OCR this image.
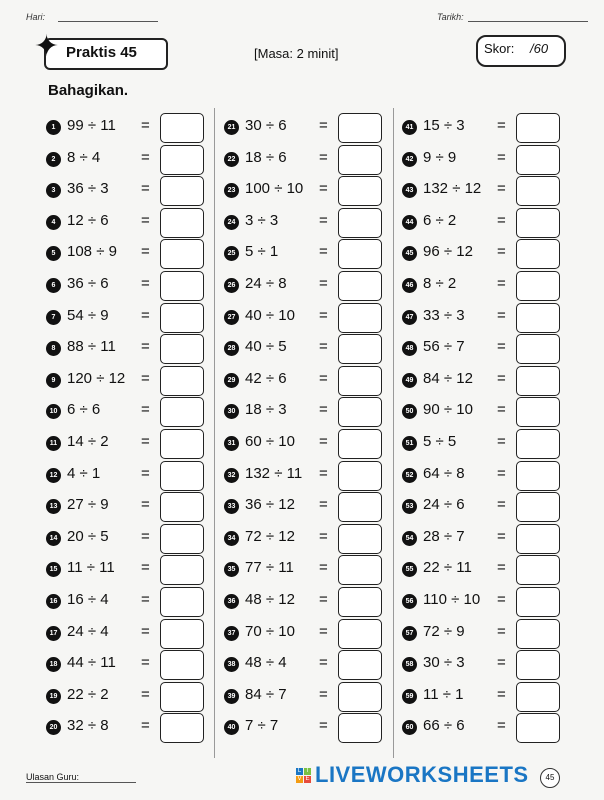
Hari:	Tarikh:
✦ Praktis 45	[Masa: 2 minit]	Skor: /60
Bahagikan.
1 99 ÷ 11 =
2 8 ÷ 4	=
3 36 ÷ 3 =
4 12 ÷ 6 =
5 108 ÷ 9 =
6 36 ÷ 6 =
7 54 ÷ 9 =
8 88 ÷ 11 =
9 120 ÷ 12 =
10 6 ÷ 6	=
11 14 ÷ 2 =
12 4 ÷ 1	=
13 27 ÷ 9 =
14 20 ÷ 5 =
15 11 ÷ 11 =
16 16 ÷ 4 =
17 24 ÷ 4 =
18 44 ÷ 11 =
19 22 ÷ 2 =
20 32 ÷ 8 =
21 30 ÷ 6 =
22 18 ÷ 6 =
23 100 ÷ 10 =
24 3 ÷ 3	=
25 5 ÷ 1	=
26 24 ÷ 8 =
27 40 ÷ 10 =
28 40 ÷ 5 =
29 42 ÷ 6 =
30 18 ÷ 3 =
31 60 ÷ 10 =
32 132 ÷ 11 =
33 36 ÷ 12 =
34 72 ÷ 12 =
35 77 ÷ 11 =
36 48 ÷ 12 =
37 70 ÷ 10 =
38 48 ÷ 4 =
39 84 ÷ 7 =
40 7 ÷ 7	=
41 15 ÷ 3 =
42 9 ÷ 9	=
43 132 ÷ 12 =
44 6 ÷ 2	=
45 96 ÷ 12 =
46 8 ÷ 2	=
47 33 ÷ 3 =
48 56 ÷ 7 =
49 84 ÷ 12 =
50 90 ÷ 10 =
51 5 ÷ 5	=
52 64 ÷ 8 =
53 24 ÷ 6 =
54 28 ÷ 7 =
55 22 ÷ 11 =
56 110 ÷ 10 =
57 72 ÷ 9 =
58 30 ÷ 3 =
59 11 ÷ 1 =
60 66 ÷ 6 =
Ulasan Guru:
L I
V E LIVEWORKSHEETS	45
